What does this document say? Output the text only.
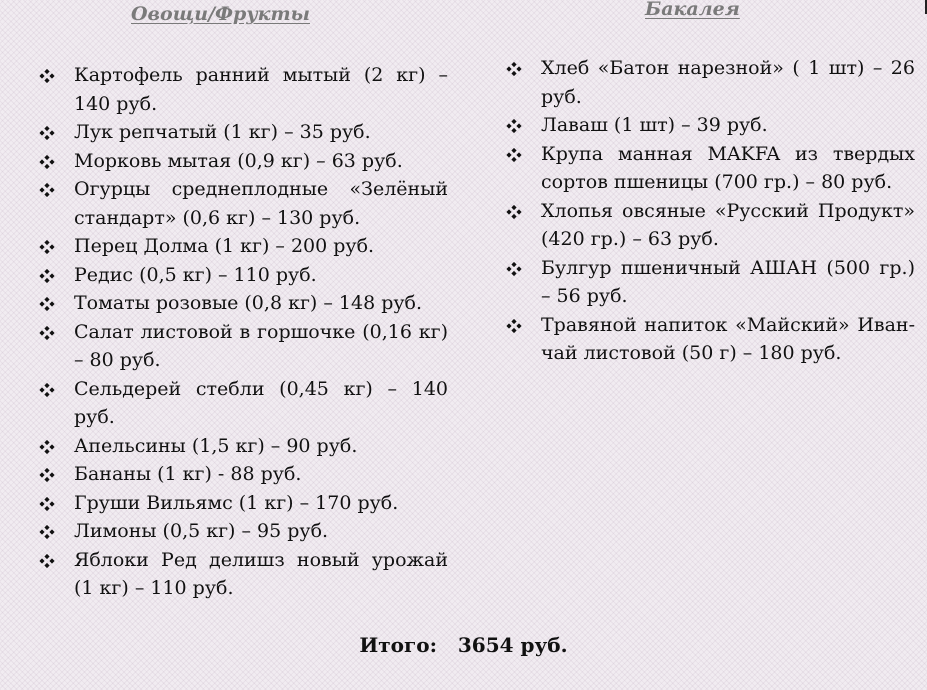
Овощи/Фрукты	Бакалея
Картофель ранний мытый (2 кг) – 140 руб.
Лук репчатый (1 кг) – 35 руб.
Морковь мытая (0,9 кг) – 63 руб.
Огурцы среднеплодные «Зелёный стандарт» (0,6 кг) – 130 руб.
Перец Долма (1 кг) – 200 руб.
Редис (0,5 кг) – 110 руб.
Томаты розовые (0,8 кг) – 148 руб.
Салат листовой в горшочке (0,16 кг) – 80 руб.
Сельдерей стебли (0,45 кг) – 140 руб.
Апельсины (1,5 кг) – 90 руб.
Бананы (1 кг) - 88 руб.
Груши Вильямс (1 кг) – 170 руб.
Лимоны (0,5 кг) – 95 руб.
Яблоки Ред делишз новый урожай (1 кг) – 110 руб.
Хлеб «Батон нарезной» ( 1 шт) – 26 руб.
Лаваш (1 шт) – 39 руб.
Крупа манная MAKFA из твердых сортов пшеницы (700 гр.) – 80 руб.
Хлопья овсяные «Русский Продукт» (420 гр.) – 63 руб.
Булгур пшеничный АШАН (500 гр.) – 56 руб.
Травяной напиток «Майский» Иван-чай листовой (50 г) – 180 руб.
Итого: 3654 руб.
